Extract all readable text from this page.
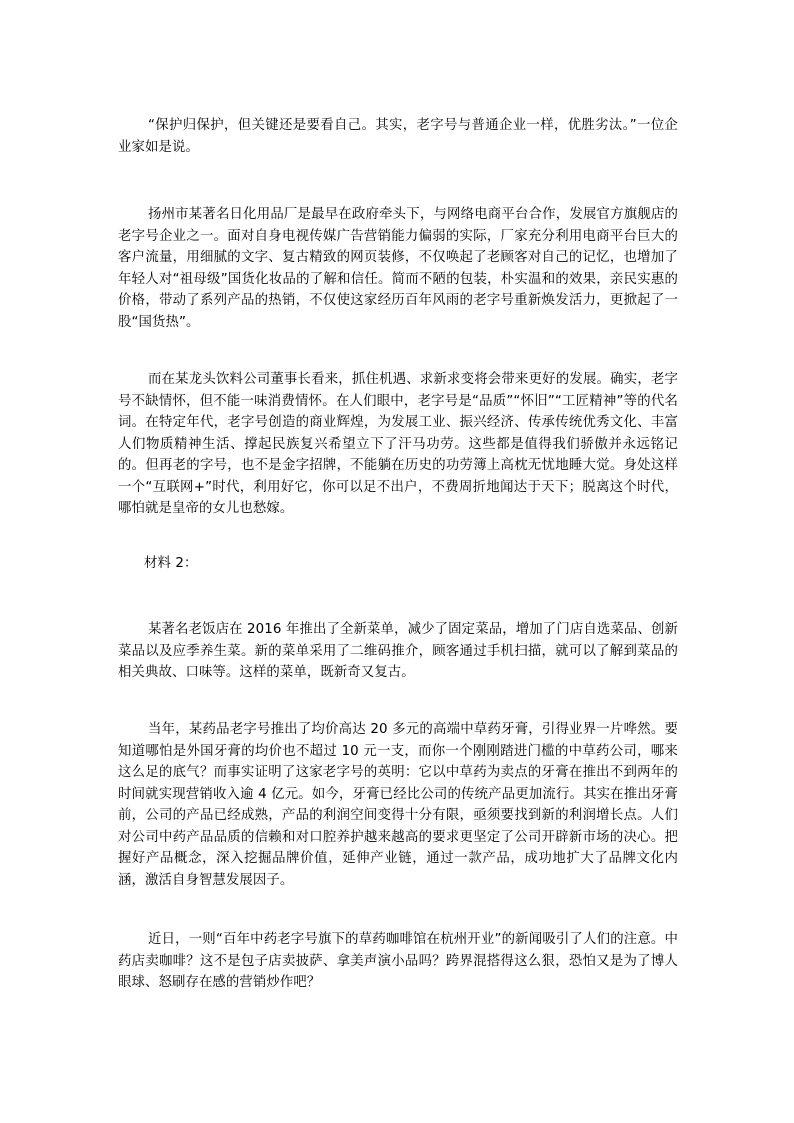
“保护归保护，但关键还是要看自己。其实，老字号与普通企业一样，优胜劣汰。”一位企业家如是说。

扬州市某著名日化用品厂是最早在政府牵头下，与网络电商平台合作，发展官方旗舰店的老字号企业之一。面对自身电视传媒广告营销能力偏弱的实际，厂家充分利用电商平台巨大的客户流量，用细腻的文字、复古精致的网页装修，不仅唤起了老顾客对自己的记忆，也增加了年轻人对“祖母级”国货化妆品的了解和信任。简而不陋的包装，朴实温和的效果，亲民实惠的价格，带动了系列产品的热销，不仅使这家经历百年风雨的老字号重新焕发活力，更掀起了一股“国货热”。

而在某龙头饮料公司董事长看来，抓住机遇、求新求变将会带来更好的发展。确实，老字号不缺情怀，但不能一味消费情怀。在人们眼中，老字号是“品质”“怀旧”“工匠精神”等的代名词。在特定年代，老字号创造的商业辉煌，为发展工业、振兴经济、传承传统优秀文化、丰富人们物质精神生活、撑起民族复兴希望立下了汗马功劳。这些都是值得我们骄傲并永远铭记的。但再老的字号，也不是金字招牌，不能躺在历史的功劳簿上高枕无忧地睡大觉。身处这样一个“互联网+”时代，利用好它，你可以足不出户，不费周折地闻达于天下；脱离这个时代，哪怕就是皇帝的女儿也愁嫁。

材料 2：

某著名老饭店在 2016 年推出了全新菜单，减少了固定菜品，增加了门店自选菜品、创新菜品以及应季养生菜。新的菜单采用了二维码推介，顾客通过手机扫描，就可以了解到菜品的相关典故、口味等。这样的菜单，既新奇又复古。

当年，某药品老字号推出了均价高达 20 多元的高端中草药牙膏，引得业界一片哗然。要知道哪怕是外国牙膏的均价也不超过 10 元一支，而你一个刚刚踏进门槛的中草药公司，哪来这么足的底气？而事实证明了这家老字号的英明：它以中草药为卖点的牙膏在推出不到两年的时间就实现营销收入逾 4 亿元。如今，牙膏已经比公司的传统产品更加流行。其实在推出牙膏前，公司的产品已经成熟，产品的利润空间变得十分有限，亟须要找到新的利润增长点。人们对公司中药产品品质的信赖和对口腔养护越来越高的要求更坚定了公司开辟新市场的决心。把握好产品概念，深入挖掘品牌价值，延伸产业链，通过一款产品，成功地扩大了品牌文化内涵，激活自身智慧发展因子。

近日，一则“百年中药老字号旗下的草药咖啡馆在杭州开业”的新闻吸引了人们的注意。中药店卖咖啡？这不是包子店卖披萨、拿美声演小品吗？跨界混搭得这么狠，恐怕又是为了博人眼球、怒刷存在感的营销炒作吧？
